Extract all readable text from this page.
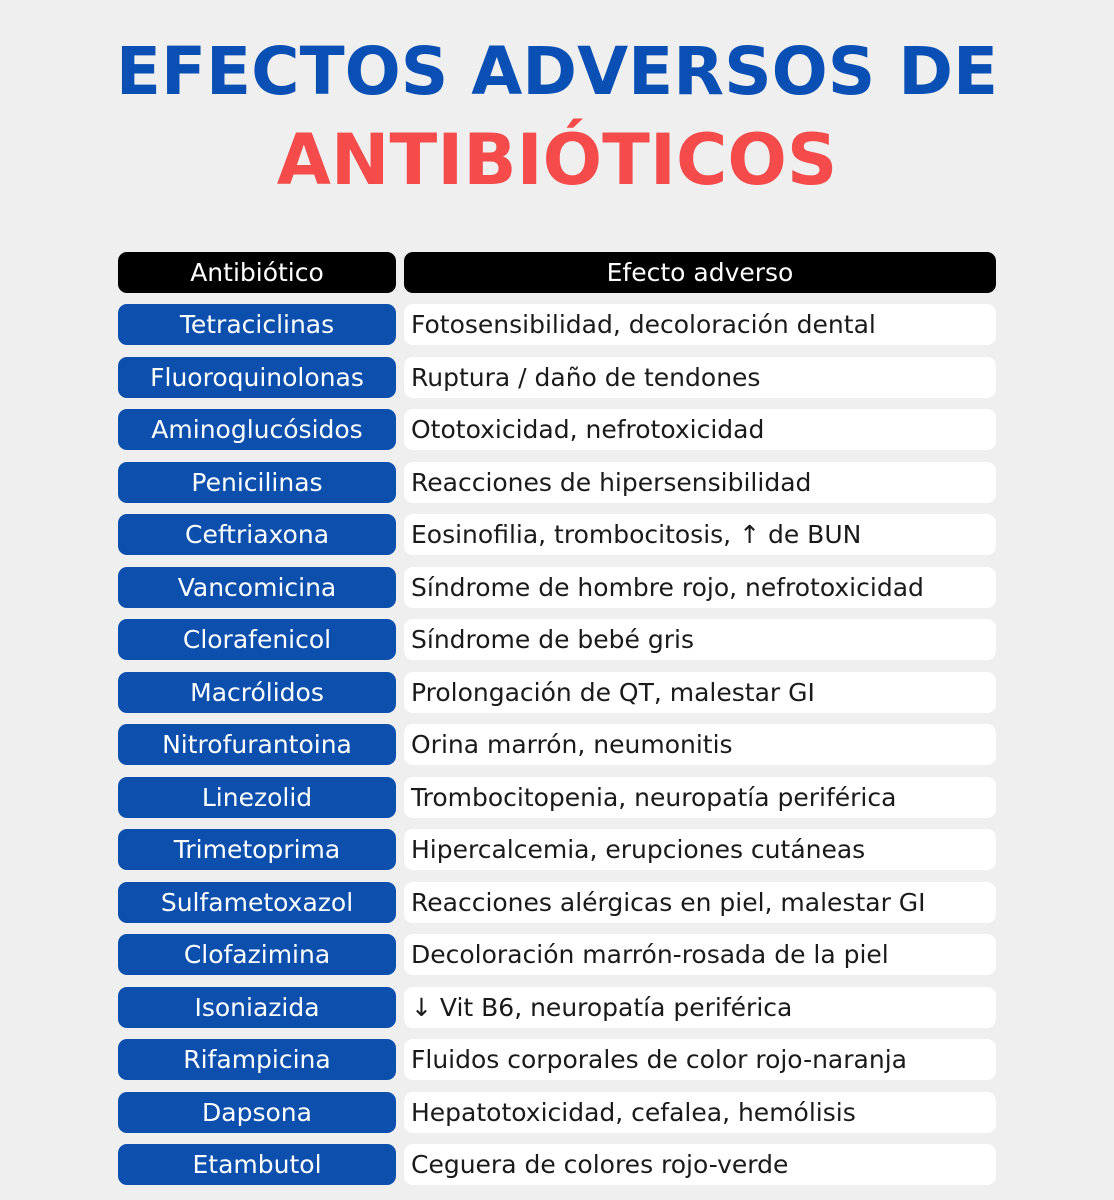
EFECTOS ADVERSOS DE
ANTIBIÓTICOS
Antibiótico	Efecto adverso
Tetraciclinas	Fotosensibilidad, decoloración dental
Fluoroquinolonas	Ruptura / daño de tendones
Aminoglucósidos	Ototoxicidad, nefrotoxicidad
Penicilinas	Reacciones de hipersensibilidad
Ceftriaxona	Eosinofilia, trombocitosis, ↑ de BUN
Vancomicina	Síndrome de hombre rojo, nefrotoxicidad
Clorafenicol	Síndrome de bebé gris
Macrólidos	Prolongación de QT, malestar GI
Nitrofurantoina	Orina marrón, neumonitis
Linezolid	Trombocitopenia, neuropatía periférica
Trimetoprima	Hipercalcemia, erupciones cutáneas
Sulfametoxazol	Reacciones alérgicas en piel, malestar GI
Clofazimina	Decoloración marrón-rosada de la piel
Isoniazida	↓ Vit B6, neuropatía periférica
Rifampicina	Fluidos corporales de color rojo-naranja
Dapsona	Hepatotoxicidad, cefalea, hemólisis
Etambutol	Ceguera de colores rojo-verde
